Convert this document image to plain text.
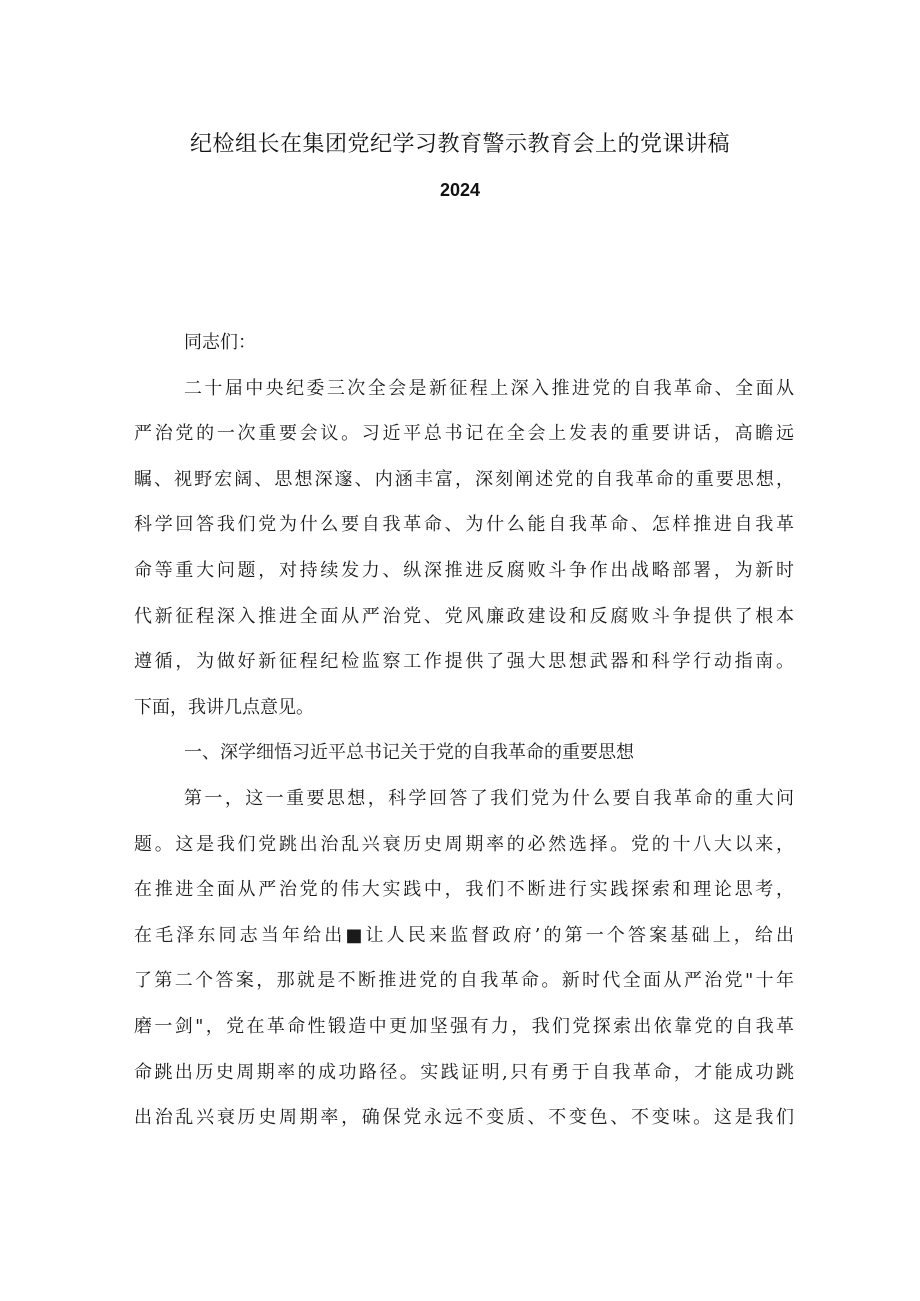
纪检组长在集团党纪学习教育警示教育会上的党课讲稿
2024
同志们：
二十届中央纪委三次全会是新征程上深入推进党的自我革命、全面从
严治党的一次重要会议。习近平总书记在全会上发表的重要讲话，高瞻远
瞩、视野宏阔、思想深邃、内涵丰富，深刻阐述党的自我革命的重要思想，
科学回答我们党为什么要自我革命、为什么能自我革命、怎样推进自我革
命等重大问题，对持续发力、纵深推进反腐败斗争作出战略部署，为新时
代新征程深入推进全面从严治党、党风廉政建设和反腐败斗争提供了根本
遵循，为做好新征程纪检监察工作提供了强大思想武器和科学行动指南。
下面，我讲几点意见。
一、深学细悟习近平总书记关于党的自我革命的重要思想
第一，这一重要思想，科学回答了我们党为什么要自我革命的重大问
题。这是我们党跳出治乱兴衰历史周期率的必然选择。党的十八大以来，
在推进全面从严治党的伟大实践中，我们不断进行实践探索和理论思考，
在毛泽东同志当年给出■让人民来监督政府’的第一个答案基础上，给出
了第二个答案，那就是不断推进党的自我革命。新时代全面从严治党"十年
磨一剑"，党在革命性锻造中更加坚强有力，我们党探索出依靠党的自我革
命跳出历史周期率的成功路径。实践证明,只有勇于自我革命，才能成功跳
出治乱兴衰历史周期率，确保党永远不变质、不变色、不变味。这是我们
